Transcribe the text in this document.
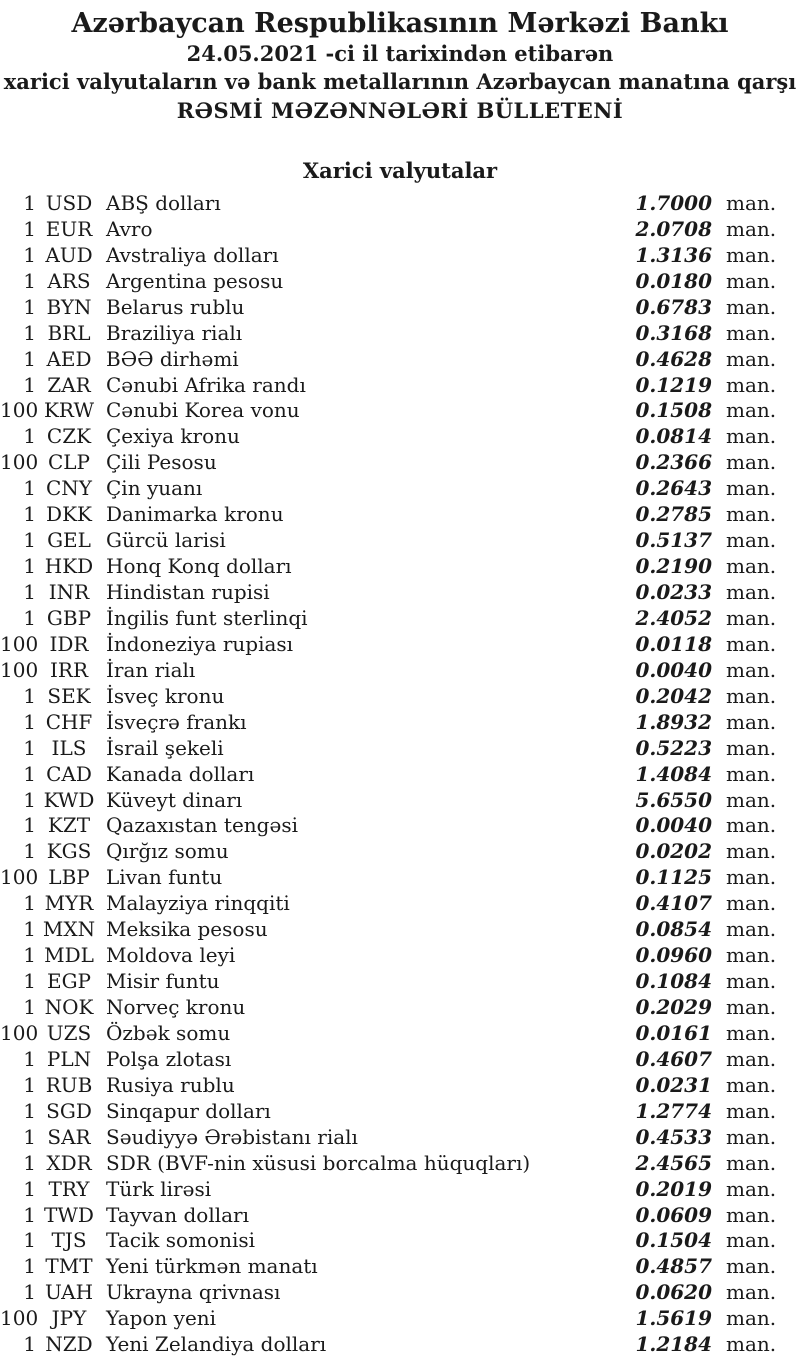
Azərbaycan Respublikasının Mərkəzi Bankı
24.05.2021 -ci il tarixindən etibarən
xarici valyutaların və bank metallarının Azərbaycan manatına qarşı
RƏSMİ MƏZƏNNƏLƏRİ BÜLLETENİ
Xarici valyutalar
1 USD ABŞ dolları	1.7000 man.
1 EUR Avro	2.0708 man.
1 AUD Avstraliya dolları	1.3136 man.
1 ARS Argentina pesosu	0.0180 man.
1 BYN Belarus rublu	0.6783 man.
1 BRL Braziliya rialı	0.3168 man.
1 AED BƏƏ dirhəmi	0.4628 man.
1 ZAR Cənubi Afrika randı	0.1219 man.
100 KRW Cənubi Korea vonu	0.1508 man.
1 CZK Çexiya kronu	0.0814 man.
100 CLP Çili Pesosu	0.2366 man.
1 CNY Çin yuanı	0.2643 man.
1 DKK Danimarka kronu	0.2785 man.
1 GEL Gürcü larisi	0.5137 man.
1 HKD Honq Konq dolları	0.2190 man.
1 INR Hindistan rupisi	0.0233 man.
1 GBP İngilis funt sterlinqi	2.4052 man.
100 IDR İndoneziya rupiası	0.0118 man.
100 IRR İran rialı	0.0040 man.
1 SEK İsveç kronu	0.2042 man.
1 CHF İsveçrə frankı	1.8932 man.
1 ILS İsrail şekeli	0.5223 man.
1 CAD Kanada dolları	1.4084 man.
1 KWD Küveyt dinarı	5.6550 man.
1 KZT Qazaxıstan tengəsi	0.0040 man.
1 KGS Qırğız somu	0.0202 man.
100 LBP Livan funtu	0.1125 man.
1 MYR Malayziya rinqqiti	0.4107 man.
1 MXN Meksika pesosu	0.0854 man.
1 MDL Moldova leyi	0.0960 man.
1 EGP Misir funtu	0.1084 man.
1 NOK Norveç kronu	0.2029 man.
100 UZS Özbək somu	0.0161 man.
1 PLN Polşa zlotası	0.4607 man.
1 RUB Rusiya rublu	0.0231 man.
1 SGD Sinqapur dolları	1.2774 man.
1 SAR Səudiyyə Ərəbistanı rialı	0.4533 man.
1 XDR SDR (BVF-nin xüsusi borcalma hüquqları)	2.4565 man.
1 TRY Türk lirəsi	0.2019 man.
1 TWD Tayvan dolları	0.0609 man.
1 TJS Tacik somonisi	0.1504 man.
1 TMT Yeni türkmən manatı	0.4857 man.
1 UAH Ukrayna qrivnası	0.0620 man.
100 JPY Yapon yeni	1.5619 man.
1 NZD Yeni Zelandiya dolları	1.2184 man.
